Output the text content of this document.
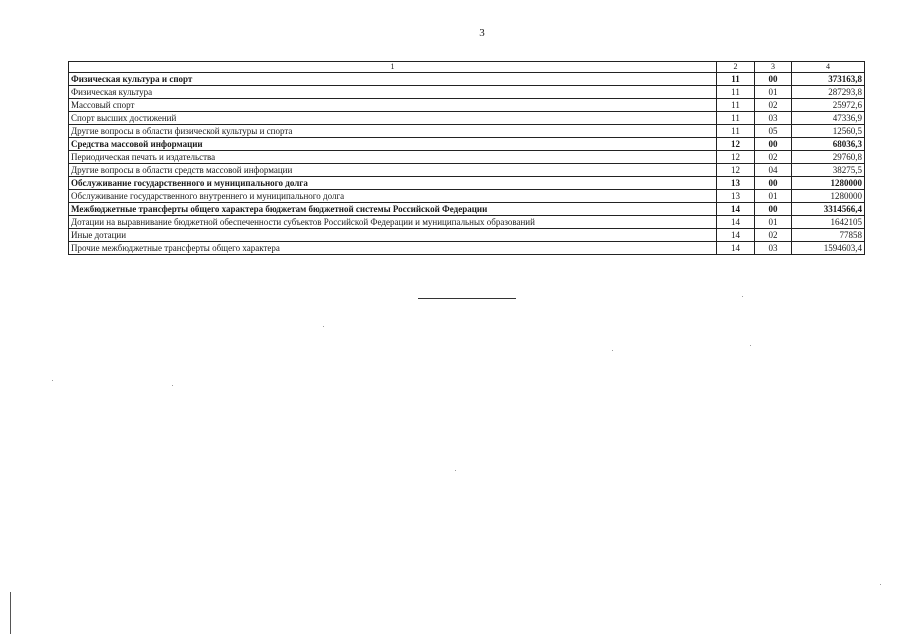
3
1	2	3	4
Физическая культура и спорт	11	00	373163,8
Физическая культура	11	01	287293,8
Массовый спорт	11	02	25972,6
Спорт высших достижений	11	03	47336,9
Другие вопросы в области физической культуры и спорта	11	05	12560,5
Средства массовой информации	12	00	68036,3
Периодическая печать и издательства	12	02	29760,8
Другие вопросы в области средств массовой информации	12	04	38275,5
Обслуживание государственного и муниципального долга	13	00	1280000
Обслуживание государственного внутреннего и муниципального долга	13	01	1280000
Межбюджетные трансферты общего характера бюджетам бюджетной системы Российской Федерации	14	00	3314566,4
Дотации на выравнивание бюджетной обеспеченности субъектов Российской Федерации и муниципальных образований	14	01	1642105
Иные дотации	14	02	77858
Прочие межбюджетные трансферты общего характера	14	03	1594603,4
